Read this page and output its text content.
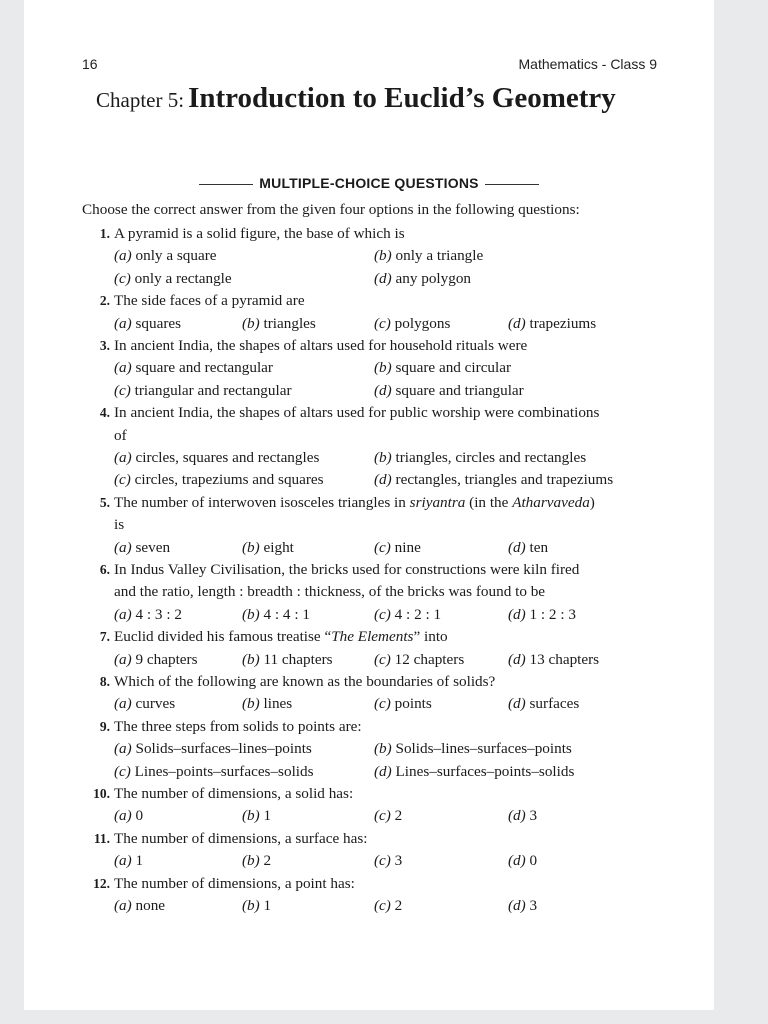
16	Mathematics - Class 9
Chapter 5: Introduction to Euclid’s Geometry
MULTIPLE-CHOICE QUESTIONS
Choose the correct answer from the given four options in the following questions:
1. A pyramid is a solid figure, the base of which is
(a) only a square	(b) only a triangle
(c) only a rectangle	(d) any polygon
2. The side faces of a pyramid are
(a) squares	(b) triangles	(c) polygons	(d) trapeziums
3. In ancient India, the shapes of altars used for household rituals were
(a) square and rectangular	(b) square and circular
(c) triangular and rectangular	(d) square and triangular
4. In ancient India, the shapes of altars used for public worship were combinations
of
(a) circles, squares and rectangles	(b) triangles, circles and rectangles
(c) circles, trapeziums and squares	(d) rectangles, triangles and trapeziums
5. The number of interwoven isosceles triangles in sriyantra (in the Atharvaveda)
is
(a) seven	(b) eight	(c) nine	(d) ten
6. In Indus Valley Civilisation, the bricks used for constructions were kiln fired
and the ratio, length : breadth : thickness, of the bricks was found to be
(a) 4 : 3 : 2	(b) 4 : 4 : 1	(c) 4 : 2 : 1	(d) 1 : 2 : 3
7. Euclid divided his famous treatise “The Elements” into
(a) 9 chapters	(b) 11 chapters	(c) 12 chapters	(d) 13 chapters
8. Which of the following are known as the boundaries of solids?
(a) curves	(b) lines	(c) points	(d) surfaces
9. The three steps from solids to points are:
(a) Solids–surfaces–lines–points	(b) Solids–lines–surfaces–points
(c) Lines–points–surfaces–solids	(d) Lines–surfaces–points–solids
10. The number of dimensions, a solid has:
(a) 0	(b) 1	(c) 2	(d) 3
11. The number of dimensions, a surface has:
(a) 1	(b) 2	(c) 3	(d) 0
12. The number of dimensions, a point has:
(a) none	(b) 1	(c) 2	(d) 3
